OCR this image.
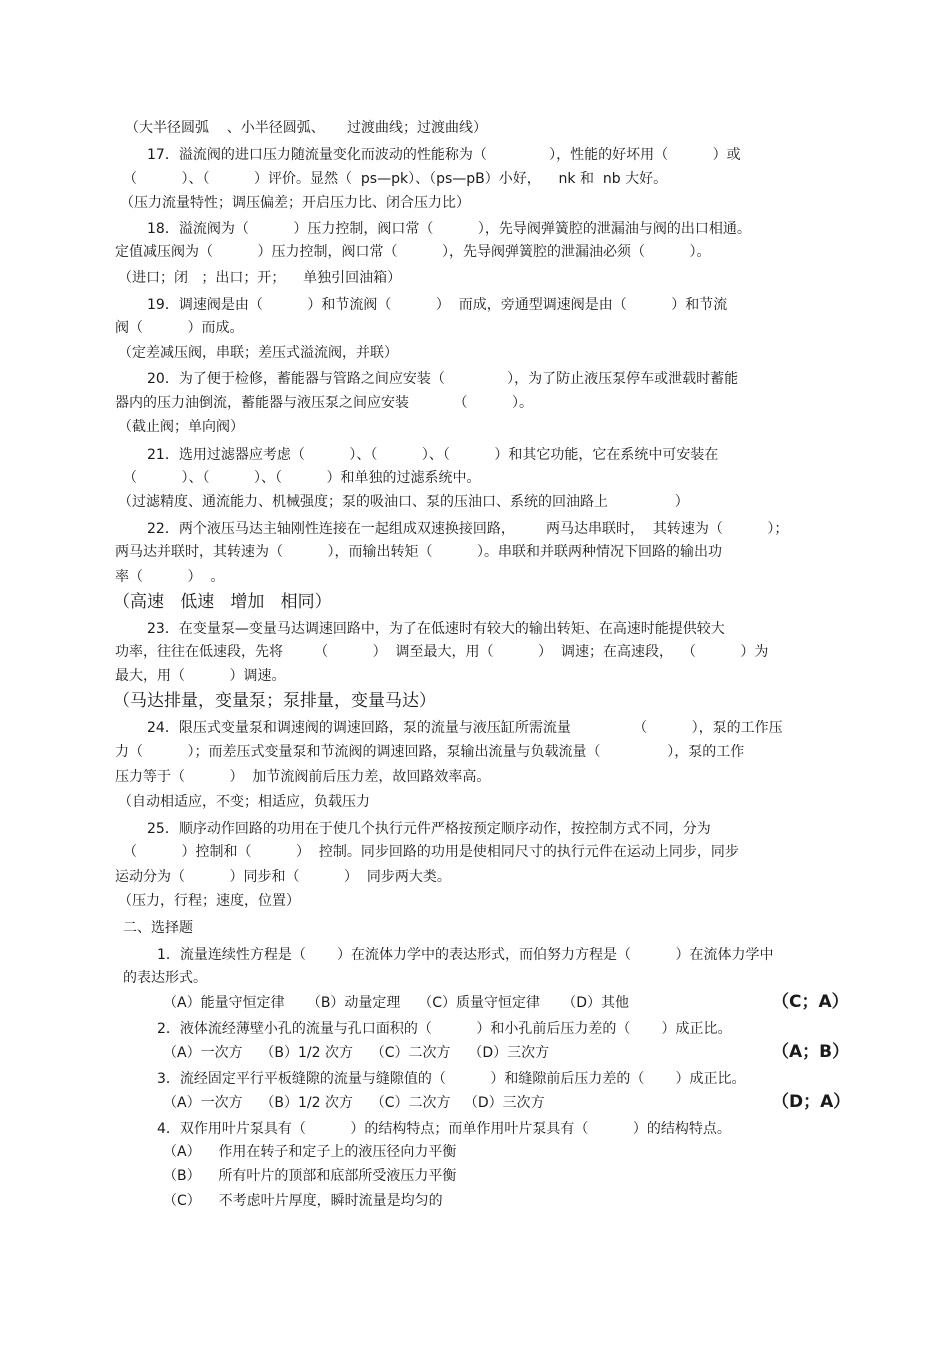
（大半径圆弧    、小半径圆弧、     过渡曲线；过渡曲线）
17．溢流阀的进口压力随流量变化而波动的性能称为（              ），性能的好坏用（          ）或
（          ）、（          ）评价。显然（  ps—pk）、（ps—pB）小好，    nk 和  nb 大好。
（压力流量特性；调压偏差；开启压力比、闭合压力比）
18．溢流阀为（          ）压力控制，阀口常（          ），先导阀弹簧腔的泄漏油与阀的出口相通。
定值减压阀为（          ）压力控制，阀口常（          ），先导阀弹簧腔的泄漏油必须（          ）。
（进口；闭   ；出口；开；    单独引回油箱）
19．调速阀是由（          ）和节流阀（          ）  而成，旁通型调速阀是由（          ）和节流
阀（          ）而成。
（定差减压阀，串联；差压式溢流阀，并联）
20．为了便于检修，蓄能器与管路之间应安装（              ），为了防止液压泵停车或泄载时蓄能
器内的压力油倒流，蓄能器与液压泵之间应安装          （          ）。
（截止阀；单向阀）
21．选用过滤器应考虑（          ）、（          ）、（          ）和其它功能，它在系统中可安装在
（          ）、（          ）、（          ）和单独的过滤系统中。
（过滤精度、通流能力、机械强度；泵的吸油口、泵的压油口、系统的回油路上               ）
22．两个液压马达主轴刚性连接在一起组成双速换接回路，       两马达串联时，  其转速为（          ）；
两马达并联时，其转速为（          ），而输出转矩（          ）。串联和并联两种情况下回路的输出功
率（          ）  。
（高速   低速   增加   相同）
23．在变量泵—变量马达调速回路中，为了在低速时有较大的输出转矩、在高速时能提供较大
功率，往往在低速段，先将       （          ）  调至最大，用（          ）  调速；在高速段，  （          ）为
最大，用（          ）调速。
（马达排量，变量泵；泵排量，变量马达）
24．限压式变量泵和调速阀的调速回路，泵的流量与液压缸所需流量              （          ），泵的工作压
力（          ）；而差压式变量泵和节流阀的调速回路，泵输出流量与负载流量（               ），泵的工作
压力等于（          ）  加节流阀前后压力差，故回路效率高。
（自动相适应，不变；相适应，负载压力
25．顺序动作回路的功用在于使几个执行元件严格按预定顺序动作，按控制方式不同，分为
（          ）控制和（          ）  控制。同步回路的功用是使相同尺寸的执行元件在运动上同步，同步
运动分为（          ）同步和（          ）  同步两大类。
（压力，行程；速度，位置）
二、选择题
1．流量连续性方程是（       ）在流体力学中的表达形式，而伯努力方程是（          ）在流体力学中
的表达形式。
（A）能量守恒定律     （B）动量定理    （C）质量守恒定律     （D）其他	（C；A）
2．液体流经薄壁小孔的流量与孔口面积的（          ）和小孔前后压力差的（       ）成正比。
（A）一次方    （B）1/2 次方    （C）二次方    （D）三次方	（A；B）
3．流经固定平行平板缝隙的流量与缝隙值的（          ）和缝隙前后压力差的（       ）成正比。
（A）一次方    （B）1/2 次方    （C）二次方   （D）三次方	（D；A）
4．双作用叶片泵具有（          ）的结构特点；而单作用叶片泵具有（          ）的结构特点。
（A）    作用在转子和定子上的液压径向力平衡
（B）    所有叶片的顶部和底部所受液压力平衡
（C）    不考虑叶片厚度，瞬时流量是均匀的
